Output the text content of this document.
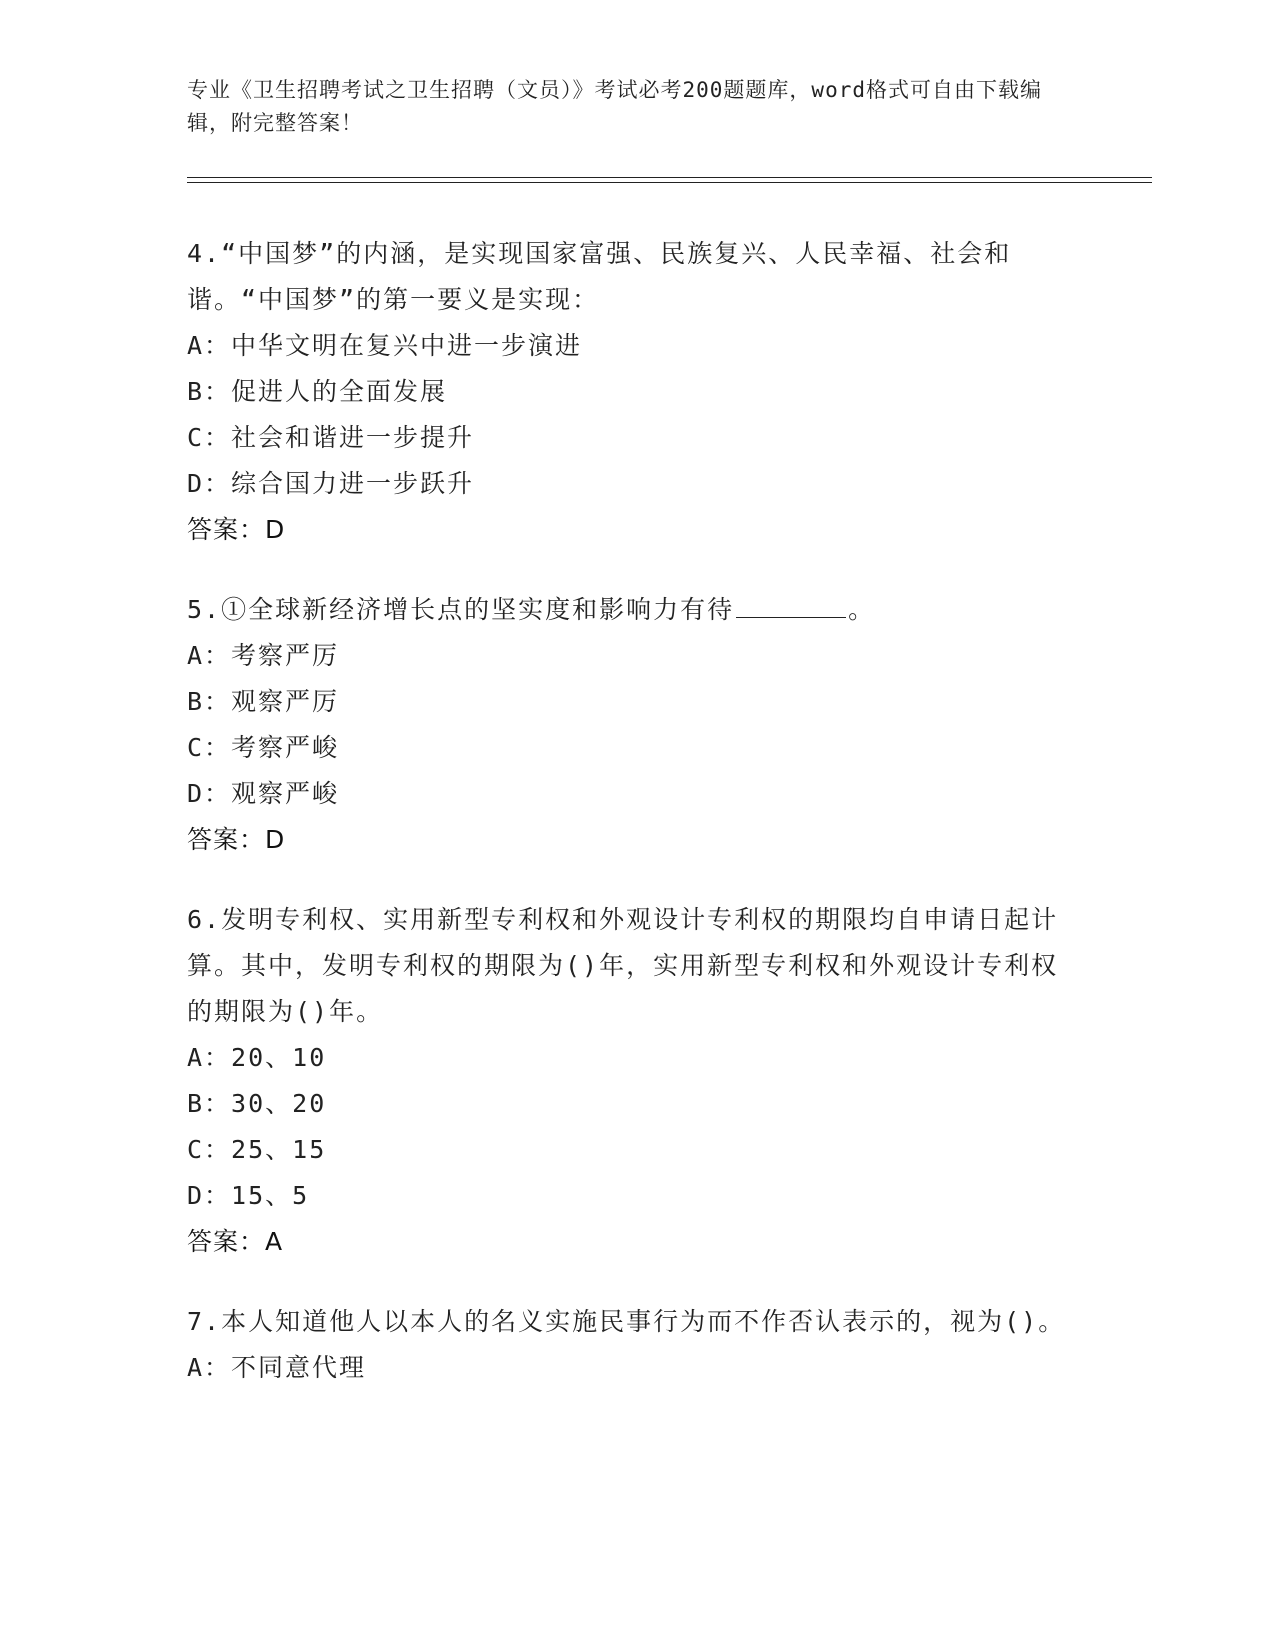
专业《卫生招聘考试之卫生招聘（文员）》考试必考200题题库，word格式可自由下载编辑，附完整答案！

4.“中国梦”的内涵，是实现国家富强、民族复兴、人民幸福、社会和谐。“中国梦”的第一要义是实现：

A：中华文明在复兴中进一步演进

B：促进人的全面发展

C：社会和谐进一步提升

D：综合国力进一步跃升

答案：D

5.①全球新经济增长点的坚实度和影响力有待	。

A：考察严厉

B：观察严厉

C：考察严峻

D：观察严峻

答案：D

6.发明专利权、实用新型专利权和外观设计专利权的期限均自申请日起计算。其中，发明专利权的期限为()年，实用新型专利权和外观设计专利权的期限为()年。

A：20、10

B：30、20

C：25、15

D：15、5

答案：A

7.本人知道他人以本人的名义实施民事行为而不作否认表示的，视为()。

A：不同意代理
